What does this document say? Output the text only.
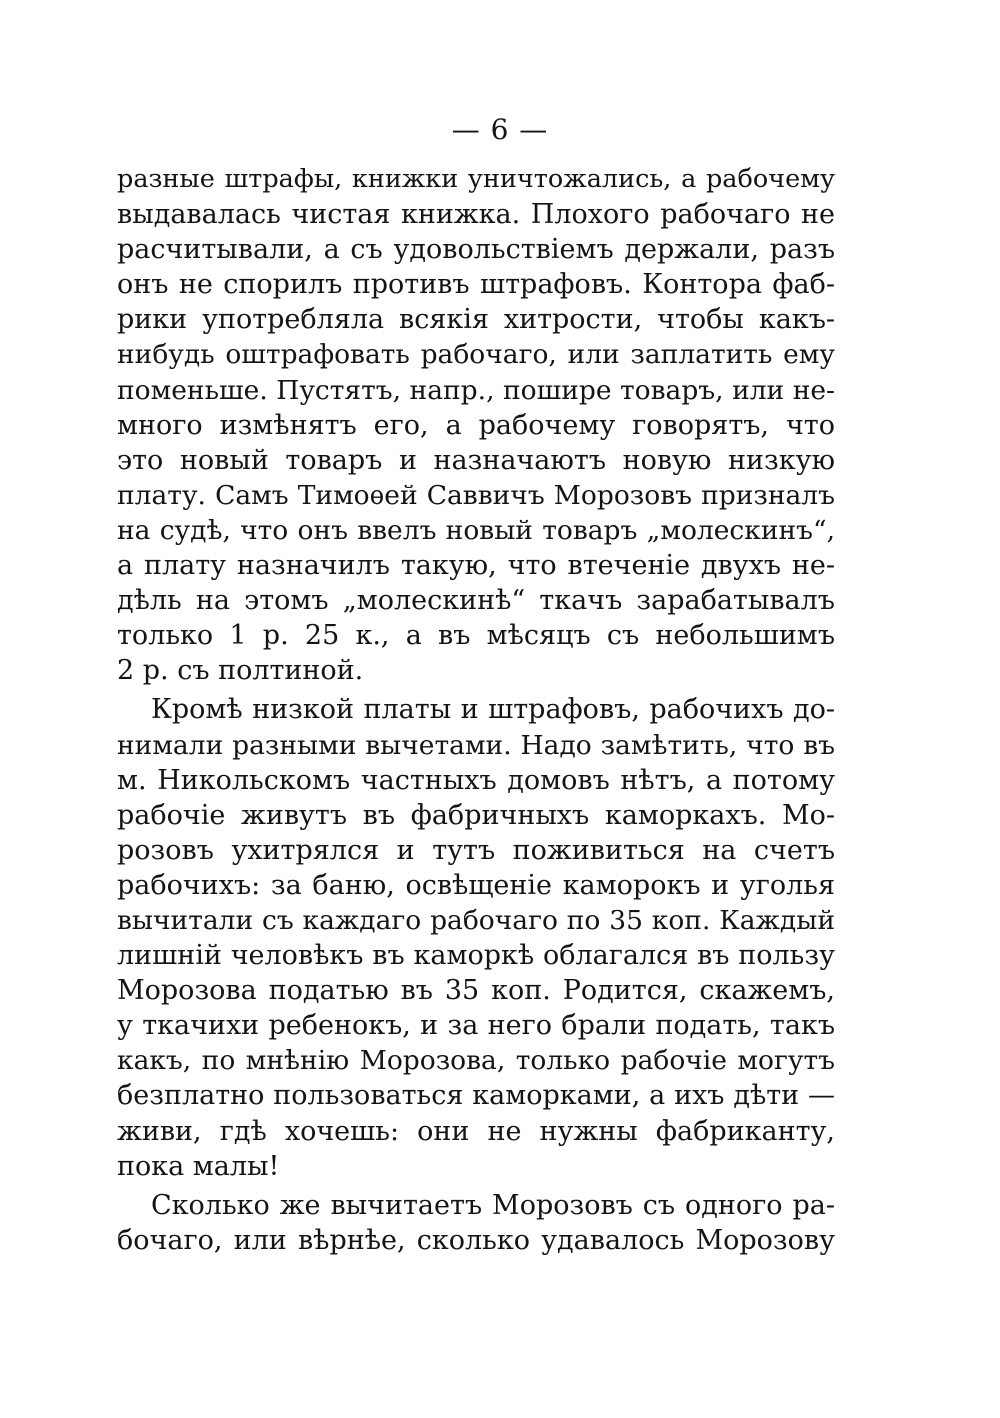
— 6 —
разные штрафы, книжки уничтожались, а рабочему
выдавалась чистая книжка. Плохого рабочаго не
расчитывали, а съ удовольствіемъ держали, разъ
онъ не спорилъ противъ штрафовъ. Контора фаб-
рики употребляла всякія хитрости, чтобы какъ-
нибудь оштрафовать рабочаго, или заплатить ему
поменьше. Пустятъ, напр., пошире товаръ, или не-
много измѣнятъ его, а рабочему говорятъ, что
это новый товаръ и назначаютъ новую низкую
плату. Самъ Тимоѳей Саввичъ Морозовъ призналъ
на судѣ, что онъ ввелъ новый товаръ „молескинъ“,
а плату назначилъ такую, что втеченіе двухъ не-
дѣль на этомъ „молескинѣ“ ткачъ зарабатывалъ
только 1 р. 25 к., а въ мѣсяцъ съ небольшимъ
2 р. съ полтиной.
Кромѣ низкой платы и штрафовъ, рабочихъ до-
нимали разными вычетами. Надо замѣтить, что въ
м. Никольскомъ частныхъ домовъ нѣтъ, а потому
рабочіе живутъ въ фабричныхъ каморкахъ. Мо-
розовъ ухитрялся и тутъ поживиться на счетъ
рабочихъ: за баню, освѣщеніе каморокъ и уголья
вычитали съ каждаго рабочаго по 35 коп. Каждый
лишній человѣкъ въ каморкѣ облагался въ пользу
Морозова податью въ 35 коп. Родится, скажемъ,
у ткачихи ребенокъ, и за него брали подать, такъ
какъ, по мнѣнію Морозова, только рабочіе могутъ
безплатно пользоваться каморками, а ихъ дѣти —
живи, гдѣ хочешь: они не нужны фабриканту,
пока малы!
Сколько же вычитаетъ Морозовъ съ одного ра-
бочаго, или вѣрнѣе, сколько удавалось Морозову
